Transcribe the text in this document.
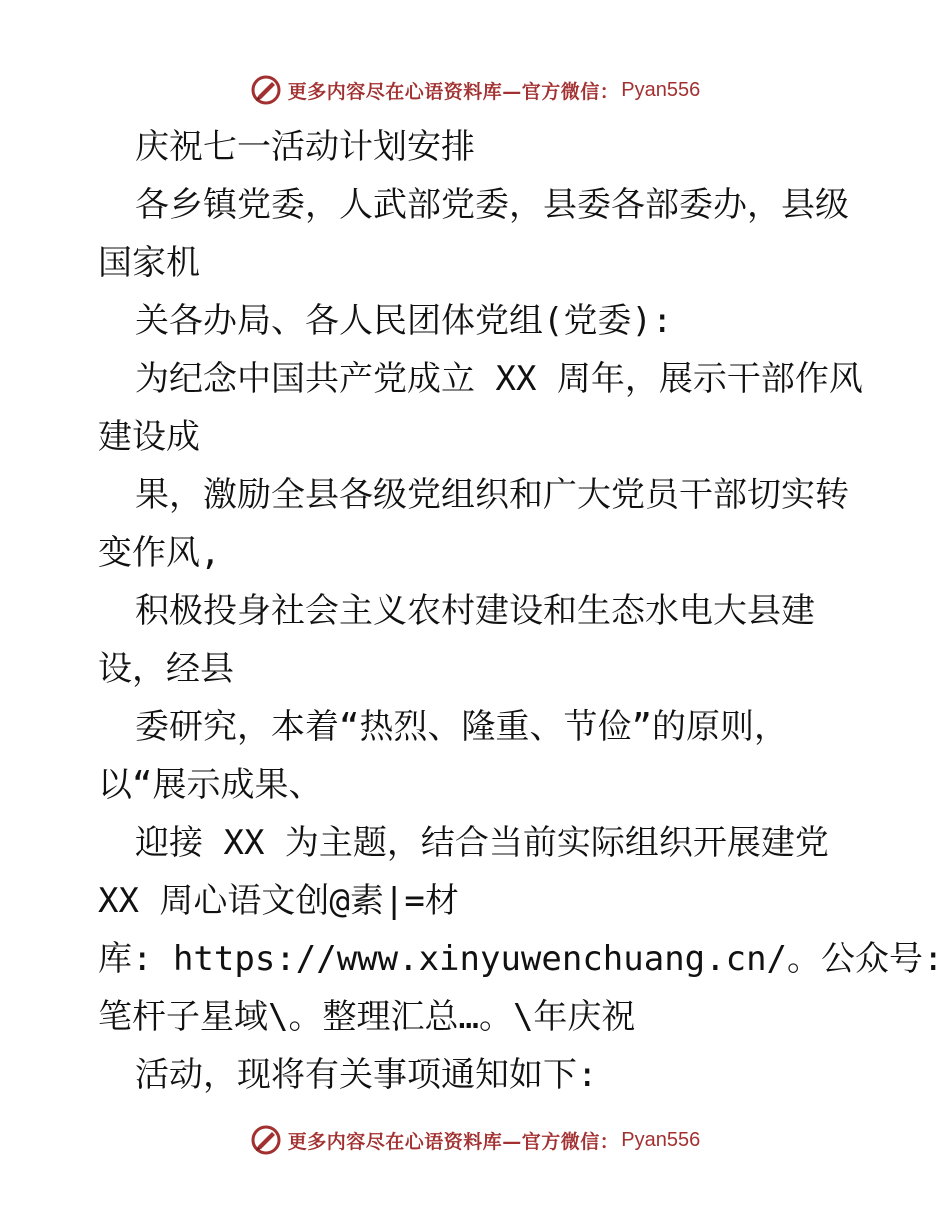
更多内容尽在心语资料库—官方微信： Pyan556
庆祝七一活动计划安排
各乡镇党委，人武部党委，县委各部委办，县级
国家机
关各办局、各人民团体党组(党委):
为纪念中国共产党成立 XX 周年，展示干部作风
建设成
果，激励全县各级党组织和广大党员干部切实转
变作风,
积极投身社会主义农村建设和生态水电大县建
设，经县
委研究，本着“热烈、隆重、节俭”的原则，
以“展示成果、
迎接 XX 为主题，结合当前实际组织开展建党
XX 周心语文创@素|=材
库: https://www.xinyuwenchuang.cn/。公众号:
笔杆子星域\。整理汇总…。\年庆祝
活动，现将有关事项通知如下:
更多内容尽在心语资料库—官方微信： Pyan556
